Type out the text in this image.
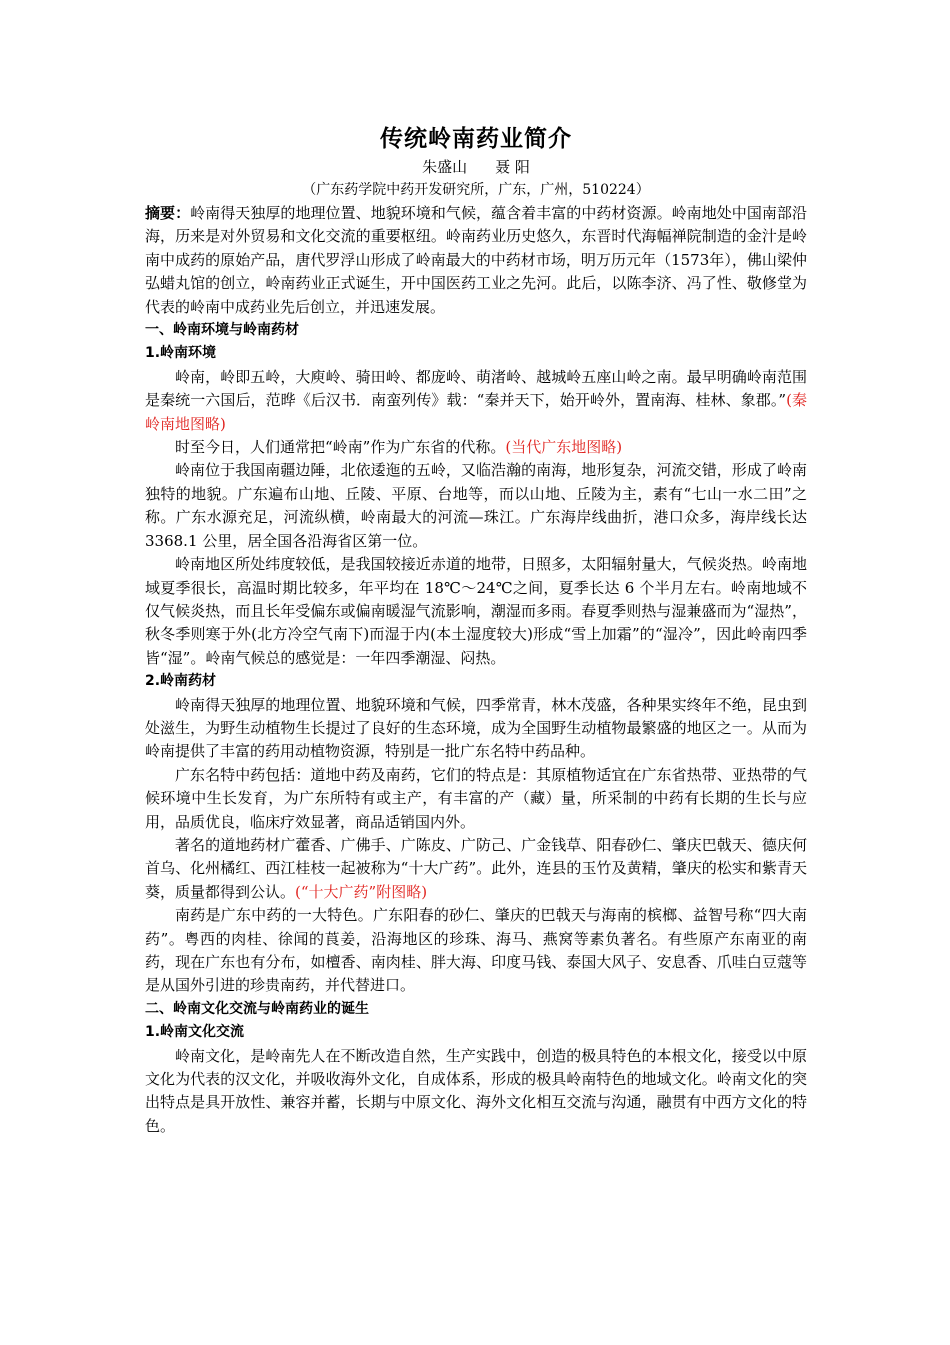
传统岭南药业简介
朱盛山 聂 阳
（广东药学院中药开发研究所，广东，广州，510224）

摘要：岭南得天独厚的地理位置、地貌环境和气候，蕴含着丰富的中药材资源。岭南地处中国南部沿海，历来是对外贸易和文化交流的重要枢纽。岭南药业历史悠久，东晋时代海幅禅院制造的金汁是岭南中成药的原始产品，唐代罗浮山形成了岭南最大的中药材市场，明万历元年（1573年），佛山梁仲弘蜡丸馆的创立，岭南药业正式诞生，开中国医药工业之先河。此后，以陈李济、冯了性、敬修堂为代表的岭南中成药业先后创立，并迅速发展。

一、岭南环境与岭南药材
1.岭南环境

岭南，岭即五岭，大庾岭、骑田岭、都庞岭、萌渚岭、越城岭五座山岭之南。最早明确岭南范围是秦统一六国后，范晔《后汉书．南蛮列传》载：“秦并天下，始开岭外，置南海、桂林、象郡。”(秦岭南地图略)

时至今日，人们通常把“岭南”作为广东省的代称。(当代广东地图略)

岭南位于我国南疆边陲，北依逶迤的五岭，又临浩瀚的南海，地形复杂，河流交错，形成了岭南独特的地貌。广东遍布山地、丘陵、平原、台地等，而以山地、丘陵为主，素有“七山一水二田”之称。广东水源充足，河流纵横，岭南最大的河流—珠江。广东海岸线曲折，港口众多，海岸线长达 3368.1 公里，居全国各沿海省区第一位。

岭南地区所处纬度较低，是我国较接近赤道的地带，日照多，太阳辐射量大，气候炎热。岭南地域夏季很长，高温时期比较多，年平均在 18℃～24℃之间，夏季长达 6 个半月左右。岭南地域不仅气候炎热，而且长年受偏东或偏南暖湿气流影响，潮湿而多雨。春夏季则热与湿兼盛而为“湿热”，秋冬季则寒于外(北方冷空气南下)而湿于内(本土湿度较大)形成“雪上加霜”的“湿冷”，因此岭南四季皆“湿”。岭南气候总的感觉是：一年四季潮湿、闷热。

2.岭南药材

岭南得天独厚的地理位置、地貌环境和气候，四季常青，林木茂盛，各种果实终年不绝，昆虫到处滋生，为野生动植物生长提过了良好的生态环境，成为全国野生动植物最繁盛的地区之一。从而为岭南提供了丰富的药用动植物资源，特别是一批广东名特中药品种。

广东名特中药包括：道地中药及南药，它们的特点是：其原植物适宜在广东省热带、亚热带的气候环境中生长发育，为广东所特有或主产，有丰富的产（藏）量，所采制的中药有长期的生长与应用，品质优良，临床疗效显著，商品适销国内外。

著名的道地药材广藿香、广佛手、广陈皮、广防己、广金钱草、阳春砂仁、肇庆巴戟天、德庆何首乌、化州橘红、西江桂枝一起被称为“十大广药”。此外，连县的玉竹及黄精，肇庆的松实和紫青天葵，质量都得到公认。(“十大广药”附图略)

南药是广东中药的一大特色。广东阳春的砂仁、肇庆的巴戟天与海南的槟榔、益智号称“四大南药”。粤西的肉桂、徐闻的莨姜，沿海地区的珍珠、海马、燕窝等素负著名。有些原产东南亚的南药，现在广东也有分布，如檀香、南肉桂、胖大海、印度马钱、泰国大风子、安息香、爪哇白豆蔻等是从国外引进的珍贵南药，并代替进口。

二、岭南文化交流与岭南药业的诞生
1.岭南文化交流

岭南文化，是岭南先人在不断改造自然，生产实践中，创造的极具特色的本根文化，接受以中原文化为代表的汉文化，并吸收海外文化，自成体系，形成的极具岭南特色的地域文化。岭南文化的突出特点是具开放性、兼容并蓄，长期与中原文化、海外文化相互交流与沟通，融贯有中西方文化的特色。
